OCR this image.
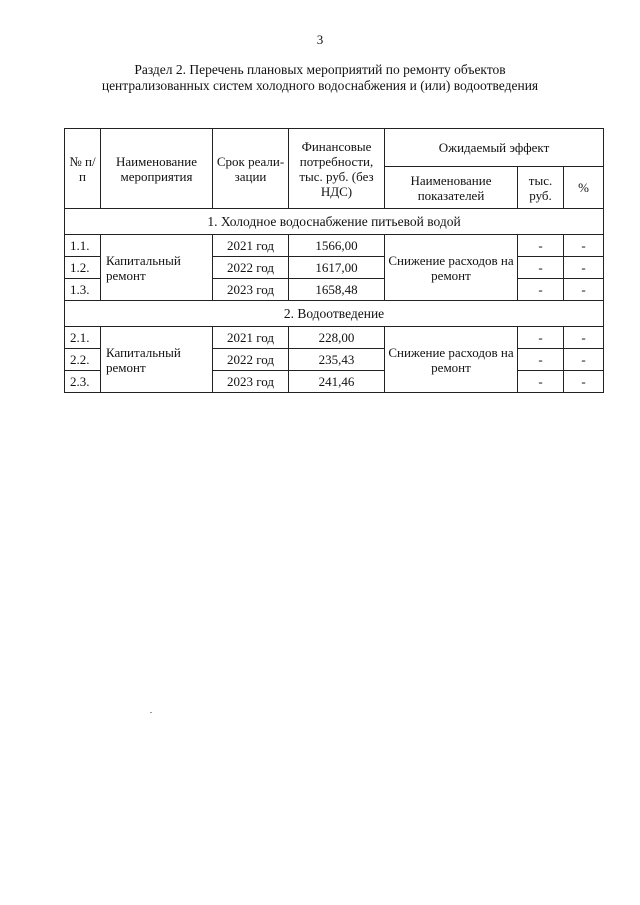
3
Раздел 2. Перечень плановых мероприятий по ремонту объектов централизованных систем холодного водоснабжения и (или) водоотведения
№ п/п	Наименование мероприятия	Срок реали-зации	Финансовые потребности, тыс. руб. (без НДС)	Ожидаемый эффект		
				Наименование показателей	тыс. руб.	%
1. Холодное водоснабжение питьевой водой						
1.1.	Капитальный ремонт	2021 год	1566,00	Снижение расходов на ремонт	-	-
1.2.		2022 год	1617,00		-	-
1.3.		2023 год	1658,48		-	-
2. Водоотведение						
2.1.	Капитальный ремонт	2021 год	228,00	Снижение расходов на ремонт	-	-
2.2.		2022 год	235,43		-	-
2.3.		2023 год	241,46		-	-
